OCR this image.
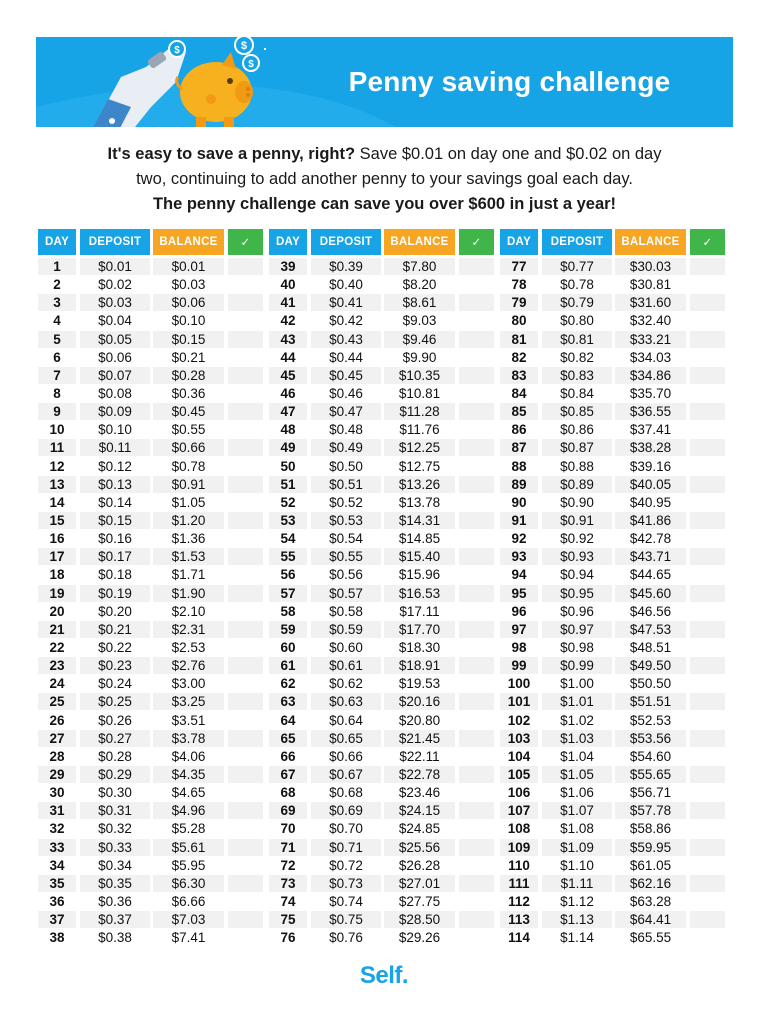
$	$
$
Penny saving challenge
It's easy to save a penny, right? Save $0.01 on day one and $0.02 on day
two, continuing to add another penny to your savings goal each day.
The penny challenge can save you over $600 in just a year!
DAY	DEPOSIT	BALANCE	✓
1	$0.01	$0.01
2	$0.02	$0.03
3	$0.03	$0.06
4	$0.04	$0.10
5	$0.05	$0.15
6	$0.06	$0.21
7	$0.07	$0.28
8	$0.08	$0.36
9	$0.09	$0.45
10	$0.10	$0.55
11	$0.11	$0.66
12	$0.12	$0.78
13	$0.13	$0.91
14	$0.14	$1.05
15	$0.15	$1.20
16	$0.16	$1.36
17	$0.17	$1.53
18	$0.18	$1.71
19	$0.19	$1.90
20	$0.20	$2.10
21	$0.21	$2.31
22	$0.22	$2.53
23	$0.23	$2.76
24	$0.24	$3.00
25	$0.25	$3.25
26	$0.26	$3.51
27	$0.27	$3.78
28	$0.28	$4.06
29	$0.29	$4.35
30	$0.30	$4.65
31	$0.31	$4.96
32	$0.32	$5.28
33	$0.33	$5.61
34	$0.34	$5.95
35	$0.35	$6.30
36	$0.36	$6.66
37	$0.37	$7.03
38	$0.38	$7.41
DAY	DEPOSIT	BALANCE	✓
39	$0.39	$7.80
40	$0.40	$8.20
41	$0.41	$8.61
42	$0.42	$9.03
43	$0.43	$9.46
44	$0.44	$9.90
45	$0.45	$10.35
46	$0.46	$10.81
47	$0.47	$11.28
48	$0.48	$11.76
49	$0.49	$12.25
50	$0.50	$12.75
51	$0.51	$13.26
52	$0.52	$13.78
53	$0.53	$14.31
54	$0.54	$14.85
55	$0.55	$15.40
56	$0.56	$15.96
57	$0.57	$16.53
58	$0.58	$17.11
59	$0.59	$17.70
60	$0.60	$18.30
61	$0.61	$18.91
62	$0.62	$19.53
63	$0.63	$20.16
64	$0.64	$20.80
65	$0.65	$21.45
66	$0.66	$22.11
67	$0.67	$22.78
68	$0.68	$23.46
69	$0.69	$24.15
70	$0.70	$24.85
71	$0.71	$25.56
72	$0.72	$26.28
73	$0.73	$27.01
74	$0.74	$27.75
75	$0.75	$28.50
76	$0.76	$29.26
DAY	DEPOSIT	BALANCE	✓
77	$0.77	$30.03
78	$0.78	$30.81
79	$0.79	$31.60
80	$0.80	$32.40
81	$0.81	$33.21
82	$0.82	$34.03
83	$0.83	$34.86
84	$0.84	$35.70
85	$0.85	$36.55
86	$0.86	$37.41
87	$0.87	$38.28
88	$0.88	$39.16
89	$0.89	$40.05
90	$0.90	$40.95
91	$0.91	$41.86
92	$0.92	$42.78
93	$0.93	$43.71
94	$0.94	$44.65
95	$0.95	$45.60
96	$0.96	$46.56
97	$0.97	$47.53
98	$0.98	$48.51
99	$0.99	$49.50
100	$1.00	$50.50
101	$1.01	$51.51
102	$1.02	$52.53
103	$1.03	$53.56
104	$1.04	$54.60
105	$1.05	$55.65
106	$1.06	$56.71
107	$1.07	$57.78
108	$1.08	$58.86
109	$1.09	$59.95
110	$1.10	$61.05
111	$1.11	$62.16
112	$1.12	$63.28
113	$1.13	$64.41
114	$1.14	$65.55
Self.
